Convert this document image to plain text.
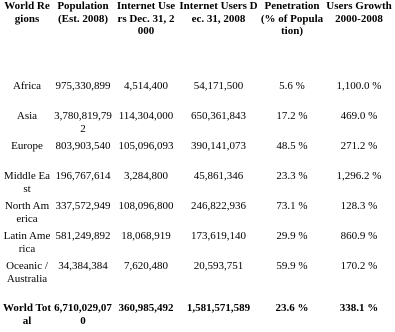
World Regions	Population (Est. 2008)	Internet Users Dec. 31, 2000	Internet Users Dec. 31, 2008	Penetration (% of Population)	Users Growth 2000-2008
Africa	975,330,899	4,514,400	54,171,500	5.6 %	1,100.0 %
Asia	3,780,819,792	114,304,000	650,361,843	17.2 %	469.0 %
Europe	803,903,540	105,096,093	390,141,073	48.5 %	271.2 %
Middle East	196,767,614	3,284,800	45,861,346	23.3 %	1,296.2 %
North America	337,572,949	108,096,800	246,822,936	73.1 %	128.3 %
Latin America	581,249,892	18,068,919	173,619,140	29.9 %	860.9 %
Oceanic / Australia	34,384,384	7,620,480	20,593,751	59.9 %	170.2 %
World Total	6,710,029,070	360,985,492	1,581,571,589	23.6 %	338.1 %
